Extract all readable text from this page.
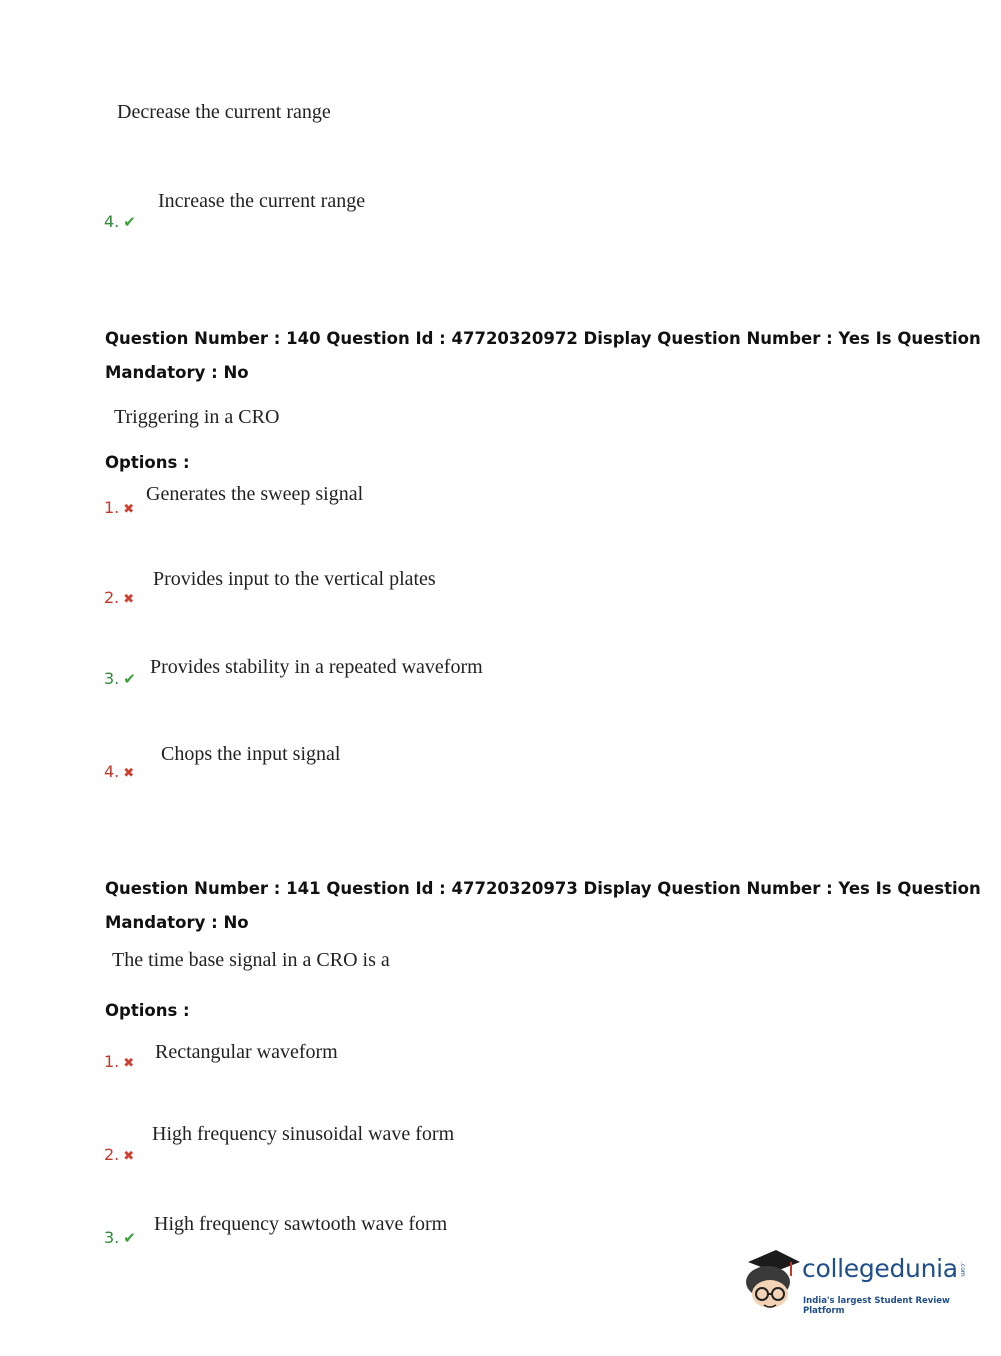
Decrease the current range
4. ✔
Increase the current range
Question Number : 140 Question Id : 47720320972 Display Question Number : Yes Is Question
Mandatory : No
Triggering in a CRO
Options :
1. ✖
Generates the sweep signal
2. ✖
Provides input to the vertical plates
3. ✔
Provides stability in a repeated waveform
4. ✖
Chops the input signal
Question Number : 141 Question Id : 47720320973 Display Question Number : Yes Is Question
Mandatory : No
The time base signal in a CRO is a
Options :
1. ✖
Rectangular waveform
2. ✖
High frequency sinusoidal wave form
3. ✔
High frequency sawtooth wave form
collegedunia .com
India's largest Student Review Platform
